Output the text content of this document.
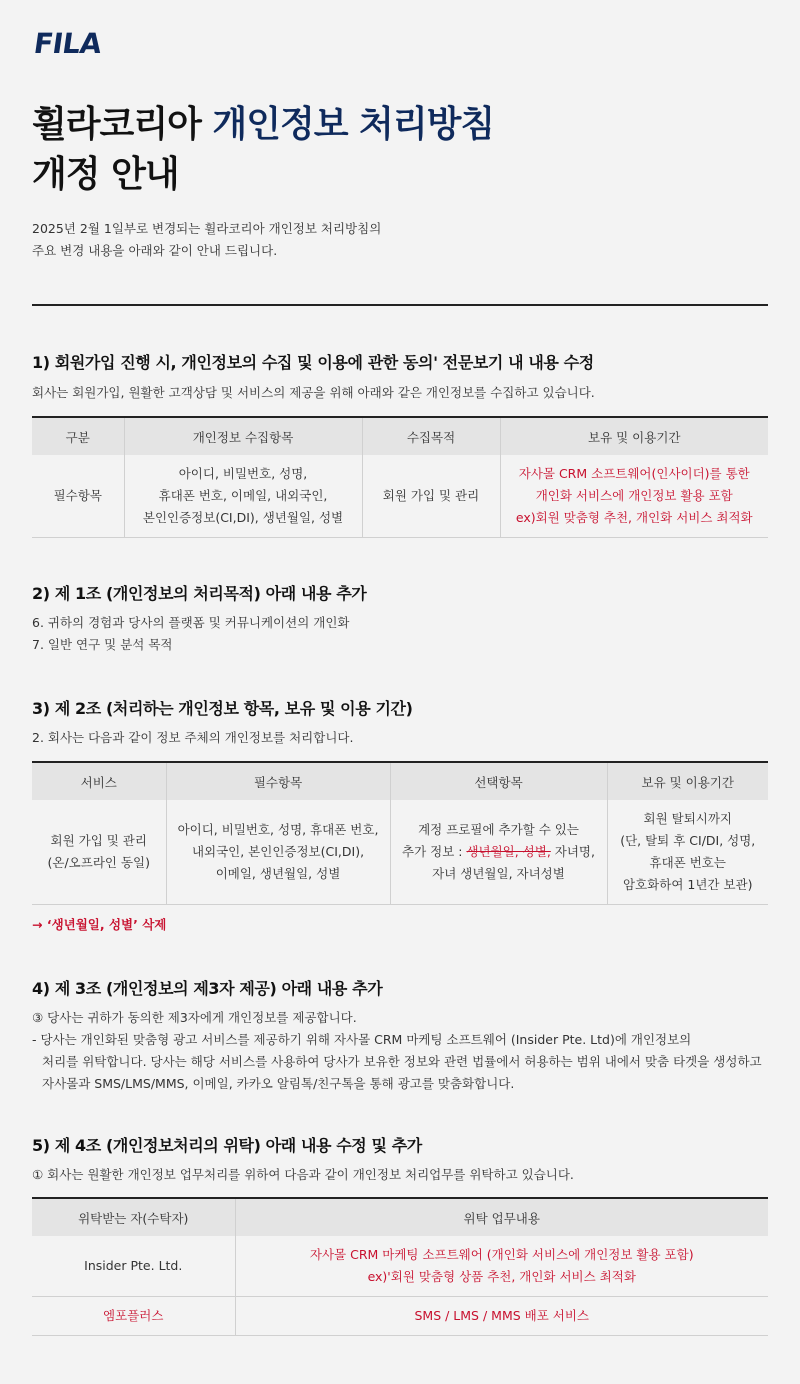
FILA
휠라코리아 개인정보 처리방침
개정 안내
2025년 2월 1일부로 변경되는 휠라코리아 개인정보 처리방침의
주요 변경 내용을 아래와 같이 안내 드립니다.
1) 회원가입 진행 시, 개인정보의 수집 및 이용에 관한 동의' 전문보기 내 내용 수정
회사는 회원가입, 원활한 고객상담 및 서비스의 제공을 위해 아래와 같은 개인정보를 수집하고 있습니다.
구분	개인정보 수집항목	수집목적	보유 및 이용기간
필수항목	아이디, 비밀번호, 성명,
휴대폰 번호, 이메일, 내외국인,
본인인증정보(CI,DI), 생년월일, 성별	회원 가입 및 관리	자사몰 CRM 소프트웨어(인사이더)를 통한
개인화 서비스에 개인정보 활용 포함
ex)회원 맞춤형 추천, 개인화 서비스 최적화
2) 제 1조 (개인정보의 처리목적) 아래 내용 추가
6. 귀하의 경험과 당사의 플랫폼 및 커뮤니케이션의 개인화
7. 일반 연구 및 분석 목적
3) 제 2조 (처리하는 개인정보 항목, 보유 및 이용 기간)
2. 회사는 다음과 같이 정보 주체의 개인정보를 처리합니다.
서비스	필수항목	선택항목	보유 및 이용기간

회원 가입 및 관리
(온/오프라인 동일)	아이디, 비밀번호, 성명, 휴대폰 번호,
내외국인, 본인인증정보(CI,DI),
이메일, 생년월일, 성별	계정 프로필에 추가할 수 있는
추가 정보 : 생년월일, 성별, 자녀명,
자녀 생년월일, 자녀성별	회원 탈퇴시까지
(단, 탈퇴 후 CI/DI, 성명,
휴대폰 번호는
암호화하여 1년간 보관)
→ ‘생년월일, 성별’ 삭제
4) 제 3조 (개인정보의 제3자 제공) 아래 내용 추가
③ 당사는 귀하가 동의한 제3자에게 개인정보를 제공합니다.
- 당사는 개인화된 맞춤형 광고 서비스를 제공하기 위해 자사몰 CRM 마케팅 소프트웨어 (Insider Pte. Ltd)에 개인정보의
처리를 위탁합니다. 당사는 해당 서비스를 사용하여 당사가 보유한 정보와 관련 법률에서 허용하는 범위 내에서 맞춤 타겟을 생성하고
자사몰과 SMS/LMS/MMS, 이메일, 카카오 알림톡/친구톡을 통해 광고를 맞춤화합니다.
5) 제 4조 (개인정보처리의 위탁) 아래 내용 수정 및 추가
① 회사는 원활한 개인정보 업무처리를 위하여 다음과 같이 개인정보 처리업무를 위탁하고 있습니다.
위탁받는 자(수탁자)	위탁 업무내용
Insider Pte. Ltd.	자사몰 CRM 마케팅 소프트웨어 (개인화 서비스에 개인정보 활용 포함)
ex)'회원 맞춤형 상품 추천, 개인화 서비스 최적화

엠포플러스	SMS / LMS / MMS 배포 서비스
